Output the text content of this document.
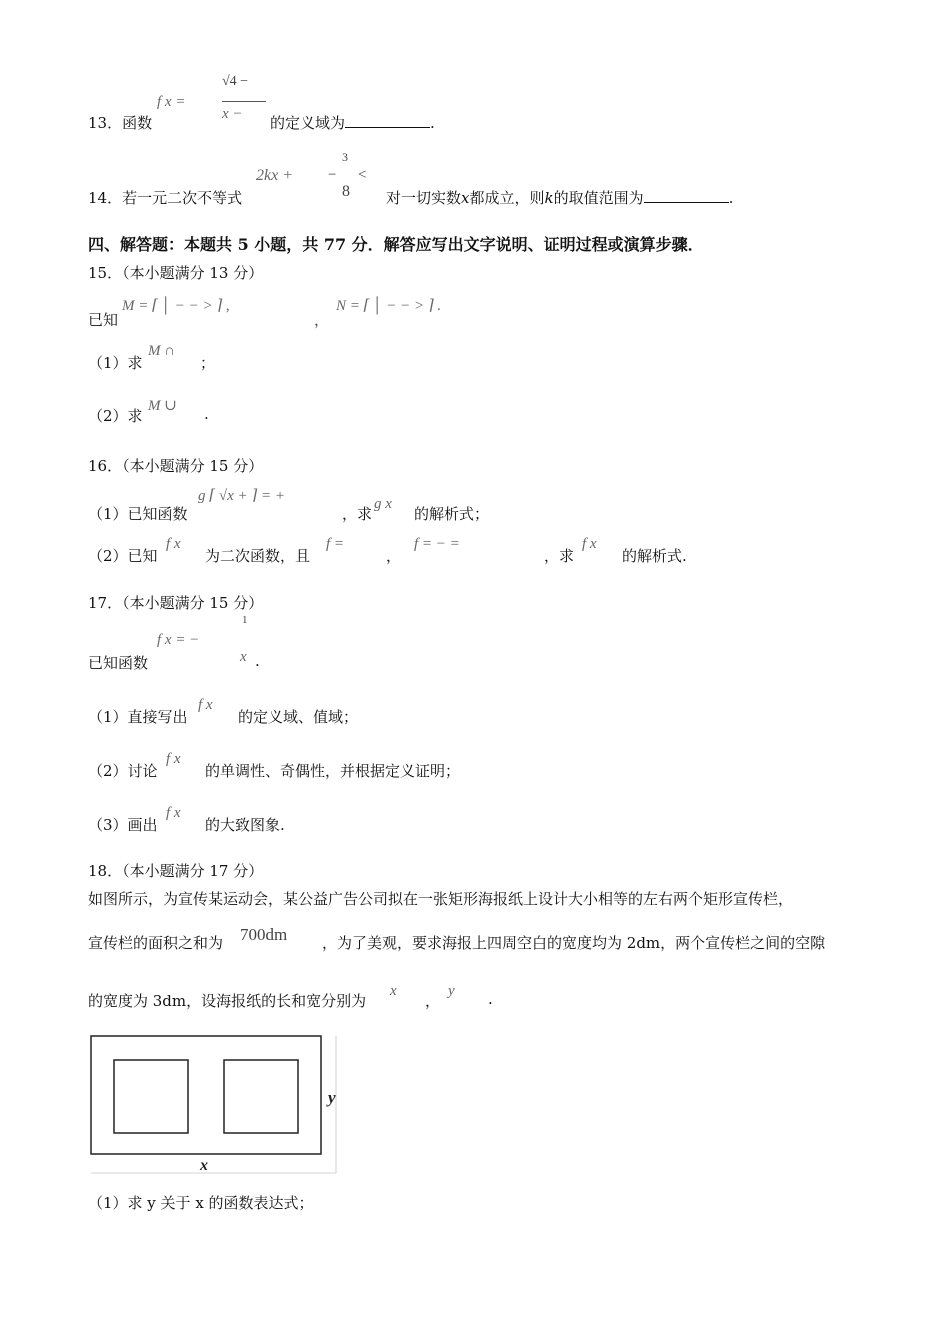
f x =
√4 −
x −
13．函数	的定义域为	.
3
2kx + − <
8
14．若一元二次不等式	对一切实数x都成立，则k的取值范围为	.
四、解答题：本题共 5 小题，共 77 分．解答应写出文字说明、证明过程或演算步骤．
15．（本小题满分 13 分）
M = ⌈ │ − − > ⌉ ,
，
N = ⌈ │ − − > ⌉ .
已知
（1）求
M ∩
；
（2）求
M ∪ .
16．（本小题满分 15 分）
（1）已知函数
g ⌈ √x + ⌉ = +
，求
g x
的解析式；
（2）已知
f x
为二次函数，且
f =
，
f = − =
，求
f x
的解析式.
17．（本小题满分 15 分）
f x = −
1
x .
已知函数
（1）直接写出
f x
的定义域、值域；
（2）讨论
f x
的单调性、奇偶性，并根据定义证明；
（3）画出
f x
的大致图象.
18．（本小题满分 17 分）
如图所示，为宣传某运动会，某公益广告公司拟在一张矩形海报纸上设计大小相等的左右两个矩形宣传栏，
宣传栏的面积之和为 700dm ，为了美观，要求海报上四周空白的宽度均为 2dm，两个宣传栏之间的空隙
的宽度为 3dm，设海报纸的长和宽分别为
x
，
y .
y
x
（1）求 y 关于 x 的函数表达式；
